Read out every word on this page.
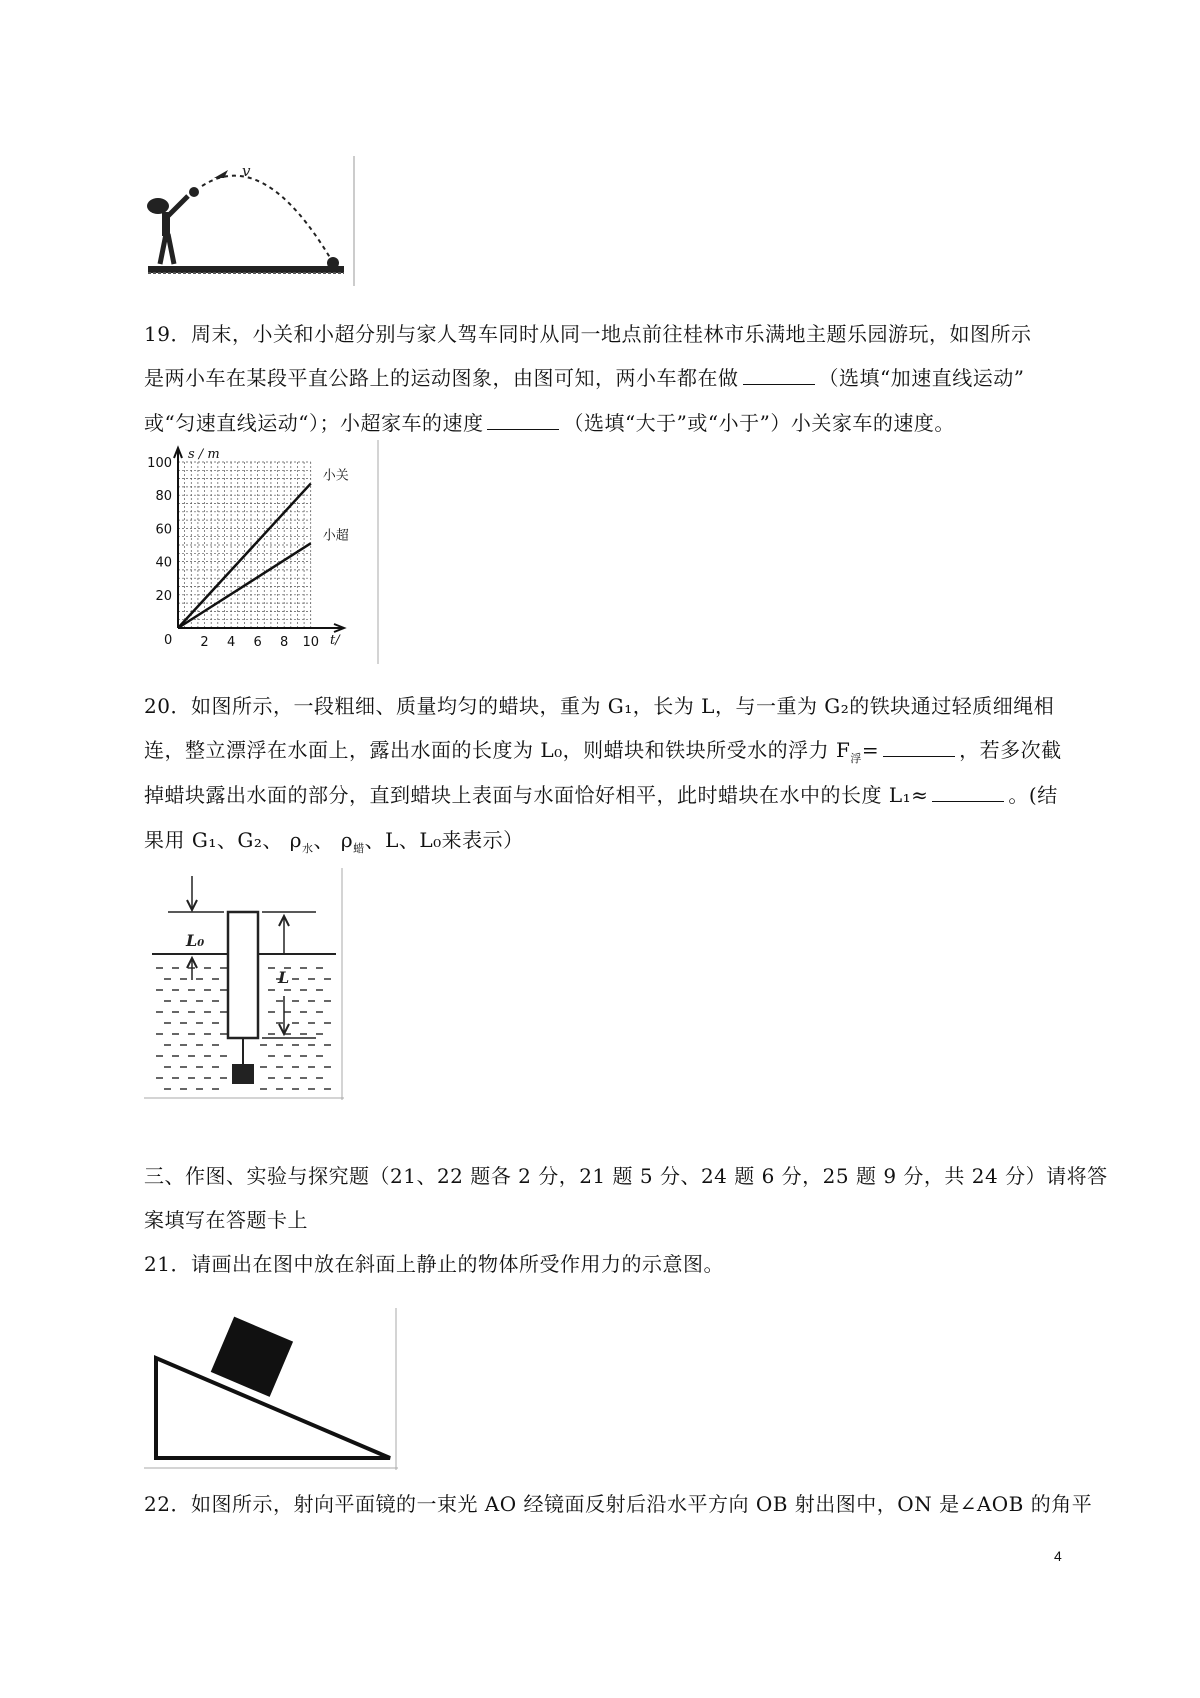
v
19．周末，小关和小超分别与家人驾车同时从同一地点前往桂林市乐满地主题乐园游玩，如图所示
是两小车在某段平直公路上的运动图象，由图可知，两小车都在做	（选填“加速直线运动”
或“匀速直线运动“）；小超家车的速度	（选填“大于”或“小于”）小关家车的速度。
100
80
60
40
20
0 2 4 6 8 10
s / m
t/
小关
小超
20．如图所示，一段粗细、质量均匀的蜡块，重为 G₁，长为 L，与一重为 G₂的铁块通过轻质细绳相
连，整立漂浮在水面上，露出水面的长度为 L₀，则蜡块和铁块所受水的浮力 $F_浮=$	，若多次截
掉蜡块露出水面的部分，直到蜡块上表面与水面恰好相平，此时蜡块在水中的长度 L₁≈	。(结
果用 G₁、G₂、 $\rho_水$、 $\rho_蜡$、L、L₀来表示）
L₀
L
三、作图、实验与探究题（21、22 题各 2 分，21 题 5 分、24 题 6 分，25 题 9 分，共 24 分）请将答
案填写在答题卡上
21．请画出在图中放在斜面上静止的物体所受作用力的示意图。
22．如图所示，射向平面镜的一束光 AO 经镜面反射后沿水平方向 OB 射出图中，ON 是∠AOB 的角平
4
